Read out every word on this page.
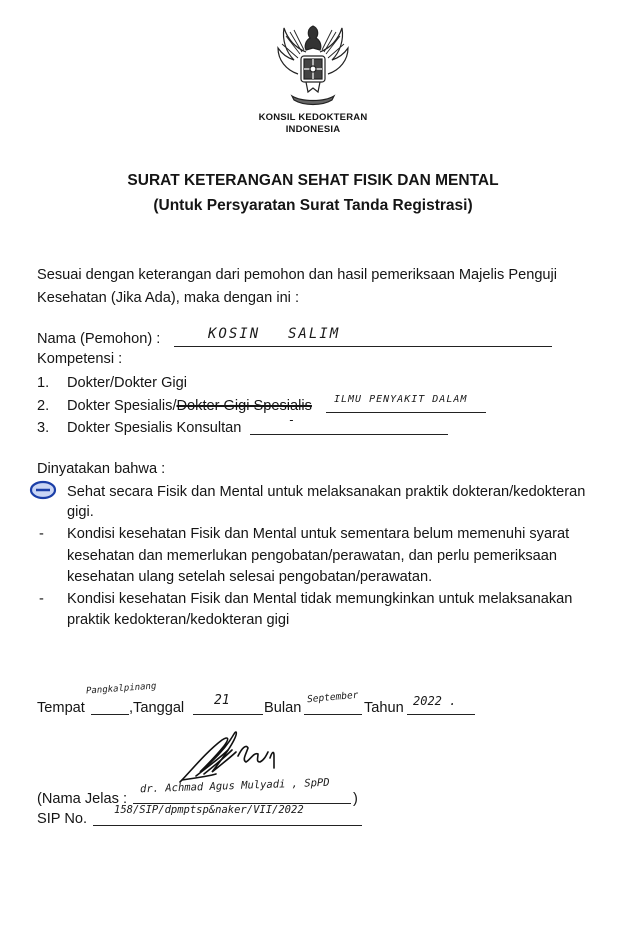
KONSIL KEDOKTERAN
INDONESIA
SURAT KETERANGAN SEHAT FISIK DAN MENTAL
(Untuk Persyaratan Surat Tanda Registrasi)
Sesuai dengan keterangan dari pemohon dan hasil pemeriksaan Majelis Penguji
Kesehatan (Jika Ada), maka dengan ini :
Nama (Pemohon) :	KOSIN SALIM
Kompetensi :
1. Dokter/Dokter Gigi
2. Dokter Spesialis/Dokter Gigi Spesialis ILMU PENYAKIT DALAM
3. Dokter Spesialis Konsultan	-
Dinyatakan bahwa :
Sehat secara Fisik dan Mental untuk melaksanakan praktik dokteran/kedokteran
gigi.
- Kondisi kesehatan Fisik dan Mental untuk sementara belum memenuhi syarat
kesehatan dan memerlukan pengobatan/perawatan, dan perlu pemeriksaan
kesehatan ulang setelah selesai pengobatan/perawatan.
- Kondisi kesehatan Fisik dan Mental tidak memungkinkan untuk melaksanakan
praktik kedokteran/kedokteran gigi
Tempat
Pangkalpinang
,Tanggal 21 Bulan
September
Tahun 2022 .
(Nama Jelas :
dr. Achmad Agus Mulyadi , SpPD
)
SIP No.
158/SIP/dpmptsp&naker/VII/2022
